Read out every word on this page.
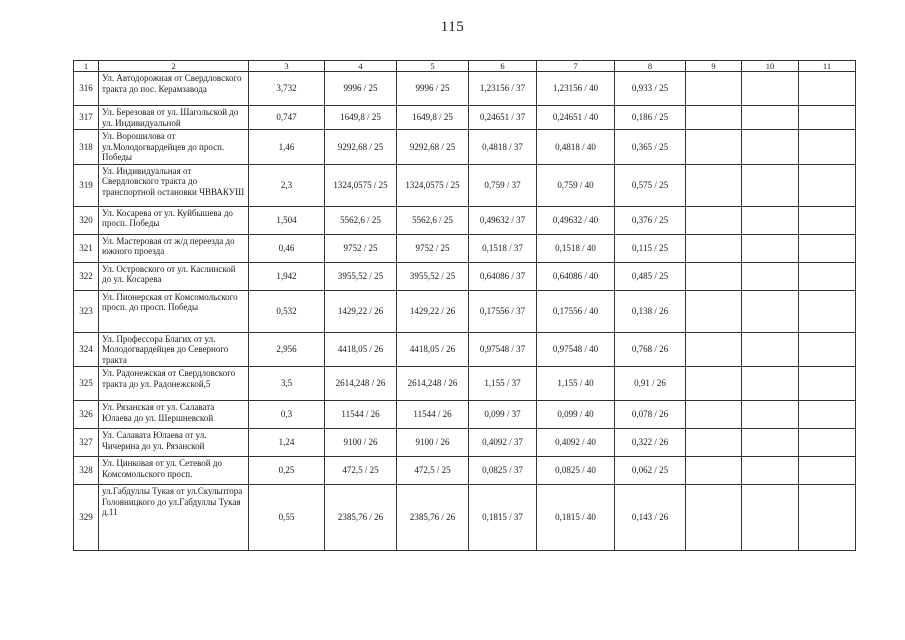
115
1	2	3	4	5	6	7	8	9	10	11
316	Ул. Автодорожная от Свердловского тракта до пос. Керамзавода	3,732	9996 / 25	9996 / 25	1,23156 / 37	1,23156 / 40	0,933 / 25			
317	Ул. Березовая от ул. Шагольской до ул. Индивидуальной	0,747	1649,8 / 25	1649,8 / 25	0,24651 / 37	0,24651 / 40	0,186 / 25			
318	Ул. Ворошилова от ул.Молодогвардейцев до просп. Победы	1,46	9292,68 / 25	9292,68 / 25	0,4818 / 37	0,4818 / 40	0,365 / 25			
319	Ул. Индивидуальная от Свердловского тракта до транспортной остановки ЧВВАКУШ	2,3	1324,0575 / 25	1324,0575 / 25	0,759 / 37	0,759 / 40	0,575 / 25			
320	Ул. Косарева от ул. Куйбышева до просп. Победы	1,504	5562,6 / 25	5562,6 / 25	0,49632 / 37	0,49632 / 40	0,376 / 25			
321	Ул. Мастеровая от ж/д переезда до южного проезда	0,46	9752 / 25	9752 / 25	0,1518 / 37	0,1518 / 40	0,115 / 25			
322	Ул. Островского от ул. Каслинской до ул. Косарева	1,942	3955,52 / 25	3955,52 / 25	0,64086 / 37	0,64086 / 40	0,485 / 25			
323	Ул. Пионерская от Комсомольского просп. до просп. Победы	0,532	1429,22 / 26	1429,22 / 26	0,17556 / 37	0,17556 / 40	0,138 / 26			
324	Ул. Профессора Благих от ул. Молодогвардейцев до Северного тракта	2,956	4418,05 / 26	4418,05 / 26	0,97548 / 37	0,97548 / 40	0,768 / 26			
325	Ул. Радонежская от Свердловского тракта до ул. Радонежской,5	3,5	2614,248 / 26	2614,248 / 26	1,155 / 37	1,155 / 40	0,91 / 26			
326	Ул. Рязанская от ул. Салавата Юлаева до ул. Шершневской	0,3	11544 / 26	11544 / 26	0,099 / 37	0,099 / 40	0,078 / 26			
327	Ул. Салавата Юлаева от ул. Чичерина до ул. Рязанской	1,24	9100 / 26	9100 / 26	0,4092 / 37	0,4092 / 40	0,322 / 26			
328	Ул. Цинковая от ул. Сетевой до Комсомольского просп.	0,25	472,5 / 25	472,5 / 25	0,0825 / 37	0,0825 / 40	0,062 / 25			
329	ул.Габдуллы Тукая от ул.Скульптора Головницкого до ул.Габдуллы Тукая д.11	0,55	2385,76 / 26	2385,76 / 26	0,1815 / 37	0,1815 / 40	0,143 / 26			
